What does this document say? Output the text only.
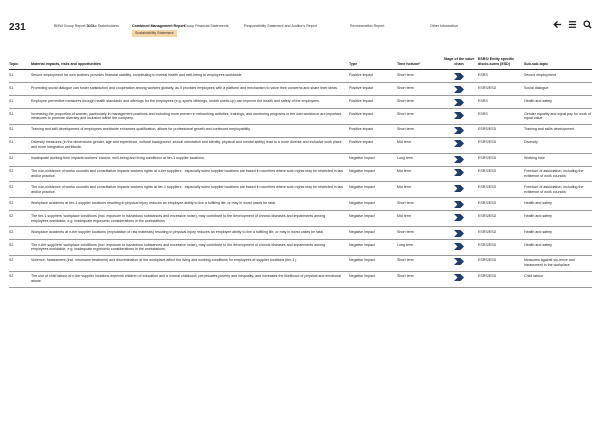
231	BMW Group Report 2024
To Our Stakeholders	Combined Management Report
Group Financial Statements	Responsibility Statement and Auditor's Report	Remuneration Report	Other Information
Sustainability Statement
Topic	Material impacts, risks and opportunities	Type	Time horizon¹	Stage of the value chain	ESRS/ Entity specific disclo-sures (ESD)	Sub-sub-topic
S1	Secure employment for own workers provides financial stability, contributing to mental health and well-being to employees worldwide.	Positive impact	Short term		ESRS	Secure employment
S1	Promoting social dialogue can foster satisfaction and cooperation among workers globally, as it provides employees with a platform and mechanism to voice their concerns and share their ideas.	Positive impact	Short term		ESRS/ESD	Social dialogue
S1	Employee preventive measures through health standards and offerings for the employees (e.g. sports offerings, health check-up) can improve the health and safety of the employees.	Positive impact	Short term		ESRS	Health and safety
S1	Increasing the proportion of women, particularly in management positions and including more women in networking activities, trainings, and mentoring programs in the own workforce are important measures to promote diversity and inclusion within the company.	Positive impact	Short term		ESRS	Gender equality and equal pay for work of equal value
S1	Training and skill development of employees worldwide enhances qualification, allows for professional growth and continued employability.	Positive impact	Short term		ESRS/ESD	Training and skills development
S1	Diversity measures (in the dimensions gender, age and experience, cultural background, sexual orientation and identity, physical and mental ability) lead to a more diverse and inclusive work place and more integration worldwide.	Positive impact	Mid term		ESRS/ESD	Diversity
S2	Inadequate working time impacts workers' income, well-being and living conditions at tier-1 supplier locations.	Negative impact	Long term		ESRS/ESD	Working time
S2	The non-existence of works councils and consultation impacts workers rights at n-tier suppliers - especially when supplier locations are based in countries where such rights may be restricted in law and/or practice.	Negative impact	Mid term		ESRS/ESD	Freedom of association, including the existence of work councils
S2	The non-existence of works councils and consultation impacts workers rights at tier-1 suppliers - especially when supplier locations are based in countries where such rights may be restricted in law and/or practice.	Negative impact	Mid term		ESRS/ESD	Freedom of association, including the existence of work councils
S2	Workplace accidents at tier-1 supplier locations resulting in physical injury reduces an employee ability to live a fulfilling life, or may in worst cases be fatal.	Negative impact	Short term		ESRS/ESD	Health and safety
S2	The tier-1 suppliers' workplace conditions (incl. exposure to hazardous substances and excessive noise), may contribute to the development of chronic diseases and impairments among employees worldwide, e.g. inadequate ergonomic considerations in the workstations.	Negative impact	Mid term		ESRS/ESD	Health and safety
S2	Workplace accidents at n-tier supplier locations (exploitation of raw materials) resulting in physical injury reduces an employee ability to live a fulfilling life, or may in worst cases be fatal.	Negative impact	Short term		ESRS/ESD	Health and safety
S2	The n-tier suppliers' workplace conditions (incl. exposure to hazardous substances and excessive noise), may contribute to the development of chronic diseases and impairments among employees worldwide, e.g. inadequate ergonomic considerations in the workstations.	Negative impact	Long term		ESRS/ESD	Health and safety
S2	Violence, harassment (incl. inhumane treatment) and discrimination at the workplace affect the living and working conditions for employees at supplier locations (tier-1).	Negative impact	Short term		ESRS/ESD	Measures against vio-lence and harassment in the workplace
S2	The use of child labour at n-tier supplier locations deprives children of education and a normal childhood, perpetuates poverty and inequality, and increases the likelihood of physical and emotional abuse.	Negative impact	Short term		ESRS/ESD	Child labour
